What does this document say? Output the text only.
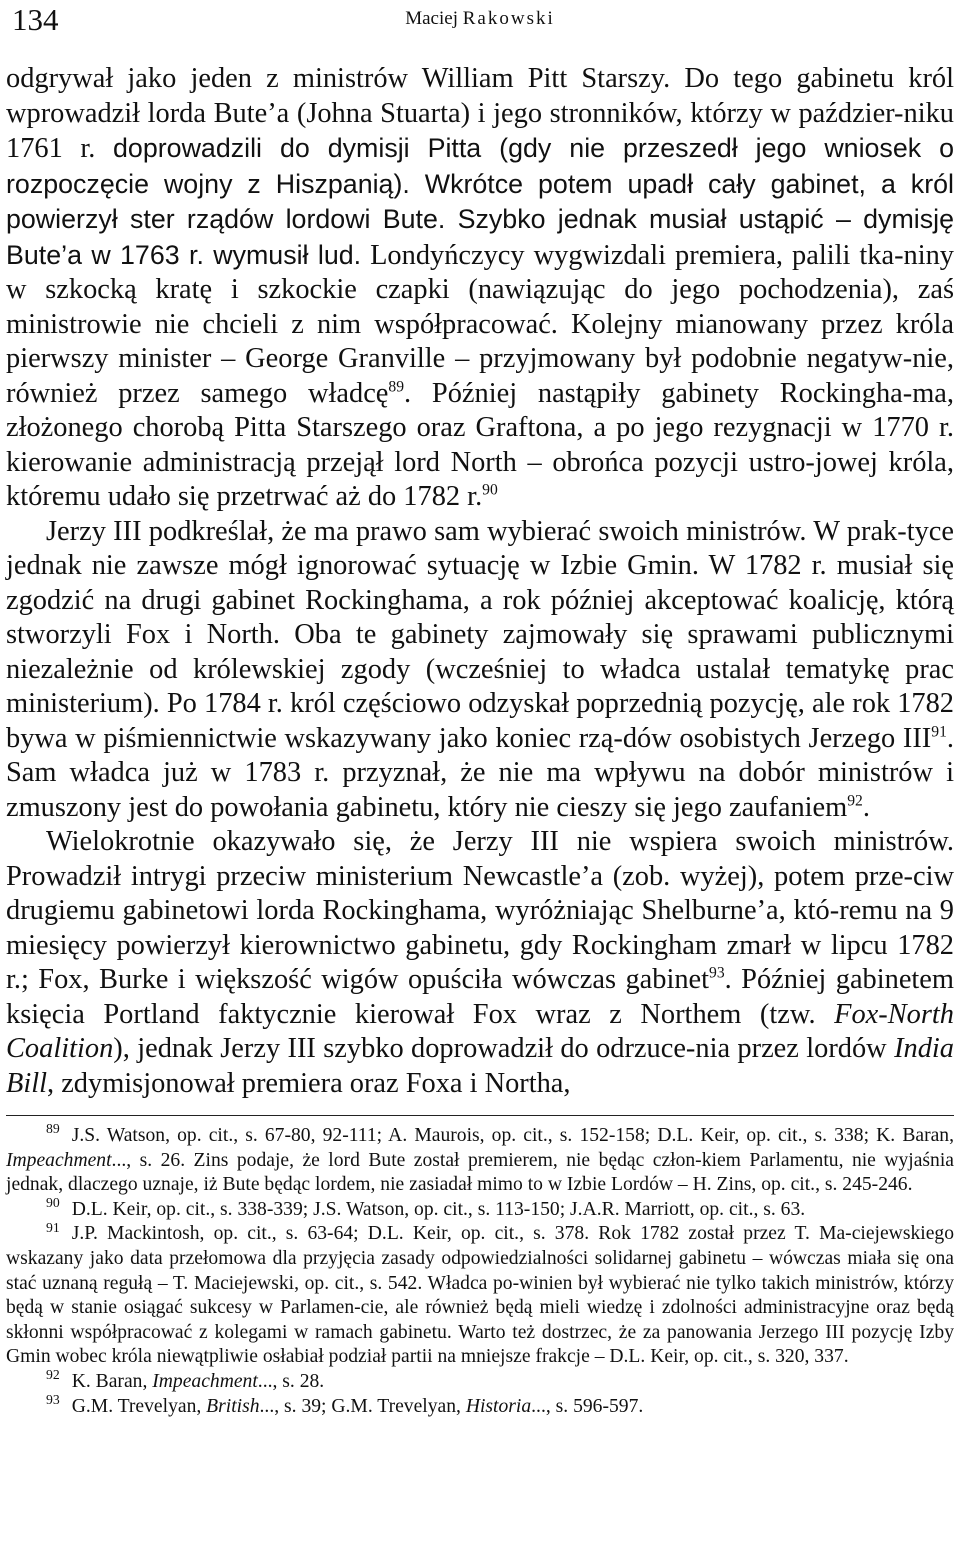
134	Maciej Rakowski

odgrywał jako jeden z ministrów William Pitt Starszy. Do tego gabinetu król wprowadził lorda Bute’a (Johna Stuarta) i jego stronników, którzy w paździer-niku 1761 r. doprowadzili do dymisji Pitta (gdy nie przeszedł jego wniosek o rozpoczęcie wojny z Hiszpanią). Wkrótce potem upadł cały gabinet, a król powierzył ster rządów lordowi Bute. Szybko jednak musiał ustąpić – dymisję Bute’a w 1763 r. wymusił lud. Londyńczycy wygwizdali premiera, palili tka-niny w szkocką kratę i szkockie czapki (nawiązując do jego pochodzenia), zaś ministrowie nie chcieli z nim współpracować. Kolejny mianowany przez króla pierwszy minister – George Granville – przyjmowany był podobnie negatyw-nie, również przez samego władcę$^{89}$. Później nastąpiły gabinety Rockingha-ma, złożonego chorobą Pitta Starszego oraz Graftona, a po jego rezygnacji w 1770 r. kierowanie administracją przejął lord North – obrońca pozycji ustro-jowej króla, któremu udało się przetrwać aż do 1782 r.$^{90}$

Jerzy III podkreślał, że ma prawo sam wybierać swoich ministrów. W prak-tyce jednak nie zawsze mógł ignorować sytuację w Izbie Gmin. W 1782 r. musiał się zgodzić na drugi gabinet Rockinghama, a rok później akceptować koalicję, którą stworzyli Fox i North. Oba te gabinety zajmowały się sprawami publicznymi niezależnie od królewskiej zgody (wcześniej to władca ustalał tematykę prac ministerium). Po 1784 r. król częściowo odzyskał poprzednią pozycję, ale rok 1782 bywa w piśmiennictwie wskazywany jako koniec rzą-dów osobistych Jerzego III$^{91}$. Sam władca już w 1783 r. przyznał, że nie ma wpływu na dobór ministrów i zmuszony jest do powołania gabinetu, który nie cieszy się jego zaufaniem$^{92}$.

Wielokrotnie okazywało się, że Jerzy III nie wspiera swoich ministrów. Prowadził intrygi przeciw ministerium Newcastle’a (zob. wyżej), potem prze-ciw drugiemu gabinetowi lorda Rockinghama, wyróżniając Shelburne’a, któ-remu na 9 miesięcy powierzył kierownictwo gabinetu, gdy Rockingham zmarł w lipcu 1782 r.; Fox, Burke i większość wigów opuściła wówczas gabinet$^{93}$. Później gabinetem księcia Portland faktycznie kierował Fox wraz z Northem (tzw. Fox-North Coalition), jednak Jerzy III szybko doprowadził do odrzuce-nia przez lordów India Bill, zdymisjonował premiera oraz Foxa i Northa,

$^{89}$ J.S. Watson, op. cit., s. 67-80, 92-111; A. Maurois, op. cit., s. 152-158; D.L. Keir, op. cit., s. 338; K. Baran, Impeachment..., s. 26. Zins podaje, że lord Bute został premierem, nie będąc człon-kiem Parlamentu, nie wyjaśnia jednak, dlaczego uznaje, iż Bute będąc lordem, nie zasiadał mimo to w Izbie Lordów – H. Zins, op. cit., s. 245-246.

$^{90}$ D.L. Keir, op. cit., s. 338-339; J.S. Watson, op. cit., s. 113-150; J.A.R. Marriott, op. cit., s. 63.

$^{91}$ J.P. Mackintosh, op. cit., s. 63-64; D.L. Keir, op. cit., s. 378. Rok 1782 został przez T. Ma-ciejewskiego wskazany jako data przełomowa dla przyjęcia zasady odpowiedzialności solidarnej gabinetu – wówczas miała się ona stać uznaną regułą – T. Maciejewski, op. cit., s. 542. Władca po-winien był wybierać nie tylko takich ministrów, którzy będą w stanie osiągać sukcesy w Parlamen-cie, ale również będą mieli wiedzę i zdolności administracyjne oraz będą skłonni współpracować z kolegami w ramach gabinetu. Warto też dostrzec, że za panowania Jerzego III pozycję Izby Gmin wobec króla niewątpliwie osłabiał podział partii na mniejsze frakcje – D.L. Keir, op. cit., s. 320, 337.

$^{92}$ K. Baran, Impeachment..., s. 28.

$^{93}$ G.M. Trevelyan, British..., s. 39; G.M. Trevelyan, Historia..., s. 596-597.
